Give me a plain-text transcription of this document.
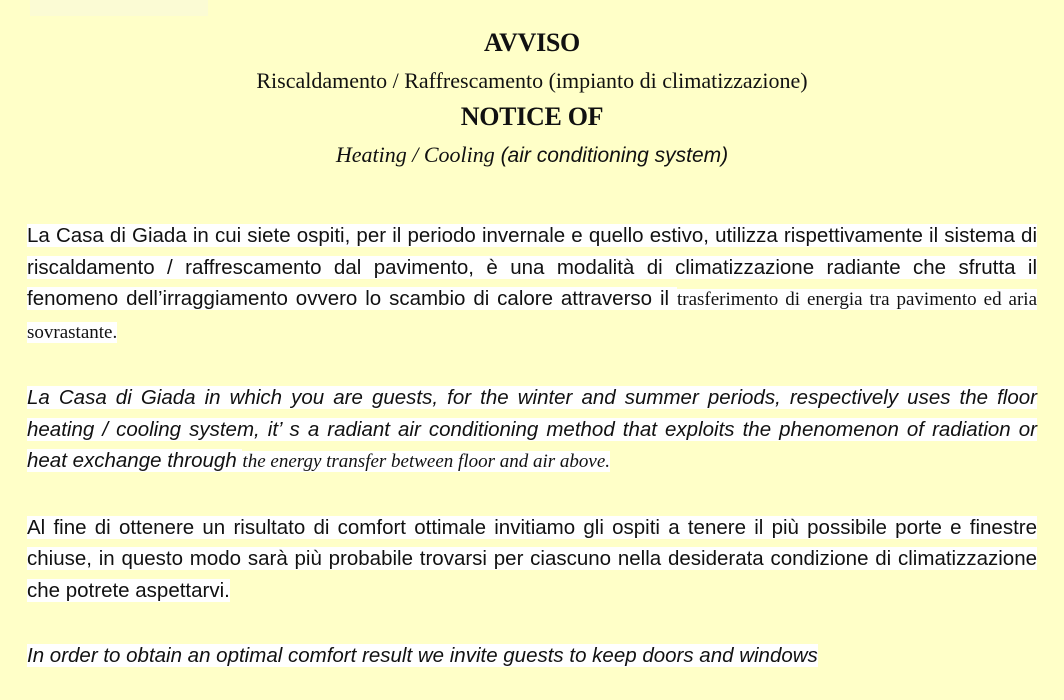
AVVISO
Riscaldamento / Raffrescamento (impianto di climatizzazione)
NOTICE OF
Heating / Cooling (air conditioning system)

La Casa di Giada in cui siete ospiti, per il periodo invernale e quello estivo, utilizza rispettivamente il sistema di riscaldamento / raffrescamento dal pavimento, è una modalità di climatizzazione radiante che sfrutta il fenomeno dell’irraggiamento ovvero lo scambio di calore attraverso il trasferimento di energia tra pavimento ed aria sovrastante.

La Casa di Giada in which you are guests, for the winter and summer periods, respectively uses the floor heating / cooling system, it’ s a radiant air conditioning method that exploits the phenomenon of radiation or heat exchange through the energy transfer between floor and air above.

Al fine di ottenere un risultato di comfort ottimale invitiamo gli ospiti a tenere il più possibile porte e finestre chiuse, in questo modo sarà più probabile trovarsi per ciascuno nella desiderata condizione di climatizzazione che potrete aspettarvi.

In order to obtain an optimal comfort result we invite guests to keep doors and windows
